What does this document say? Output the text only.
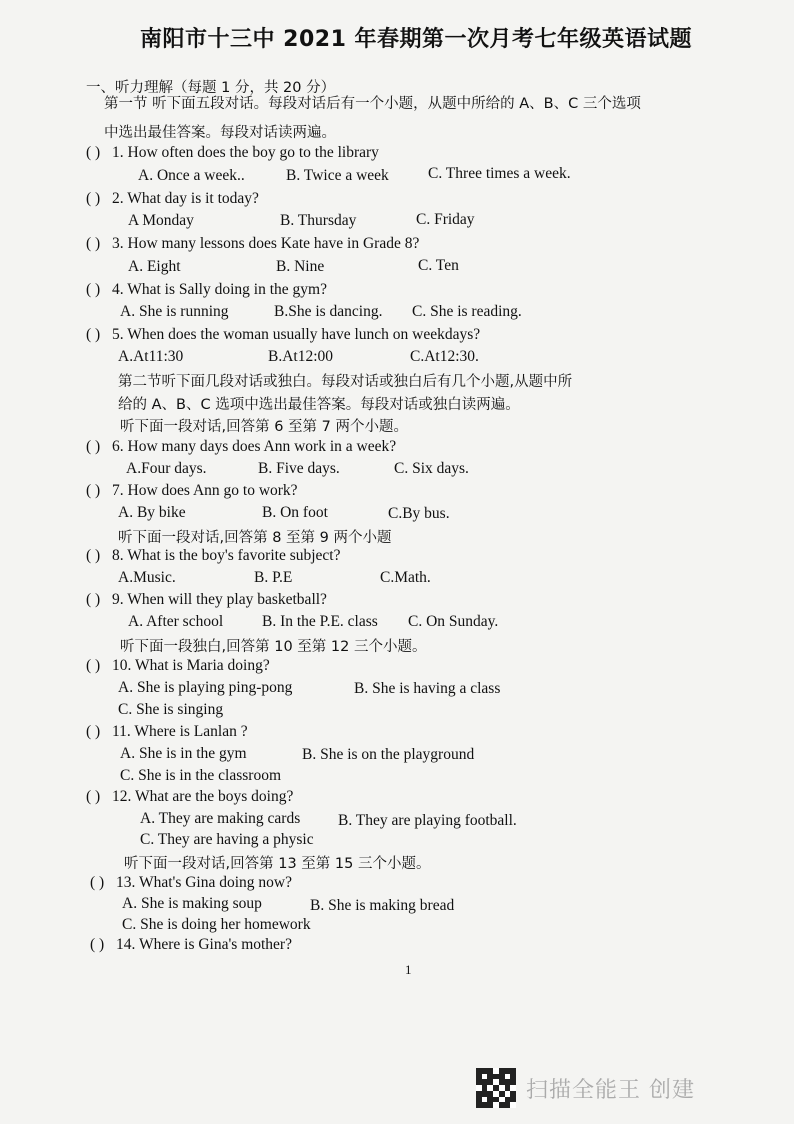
南阳市十三中 2021 年春期第一次月考七年级英语试题
一、听力理解（每题 1 分，共 20 分）
第一节 听下面五段对话。每段对话后有一个小题，从题中所给的 A、B、C 三个选项
中选出最佳答案。每段对话读两遍。
( ) 1. How often does the boy go to the library
A. Once a week..	B. Twice a week	C. Three times a week.
( ) 2. What day is it today?
A Monday	B. Thursday	C. Friday
( ) 3. How many lessons does Kate have in Grade 8?
A. Eight	B. Nine	C. Ten
( ) 4. What is Sally doing in the gym?
A. She is running	B.She is dancing. C. She is reading.
( ) 5. When does the woman usually have lunch on weekdays?
A.At11:30	B.At12:00	C.At12:30.
第二节听下面几段对话或独白。每段对话或独白后有几个小题,从题中所
给的 A、B、C 选项中选出最佳答案。每段对话或独白读两遍。
听下面一段对话,回答第 6 至第 7 两个小题。
( ) 6. How many days does Ann work in a week?
A.Four days.	B. Five days.	C. Six days.
( ) 7. How does Ann go to work?
A. By bike	B. On foot	C.By bus.
听下面一段对话,回答第 8 至第 9 两个小题
( ) 8. What is the boy's favorite subject?
A.Music.	B. P.E	C.Math.
( ) 9. When will they play basketball?
A. After school	B. In the P.E. class C. On Sunday.
听下面一段独白,回答第 10 至第 12 三个小题。
( ) 10. What is Maria doing?
A. She is playing ping-pong	B. She is having a class
C. She is singing
( ) 11. Where is Lanlan ?
A. She is in the gym	B. She is on the playground
C. She is in the classroom
( ) 12. What are the boys doing?
A. They are making cards B. They are playing football.
C. They are having a physic
听下面一段对话,回答第 13 至第 15 三个小题。
( ) 13. What's Gina doing now?
A. She is making soup	B. She is making bread
C. She is doing her homework
( ) 14. Where is Gina's mother?
1
扫描全能王 创建
